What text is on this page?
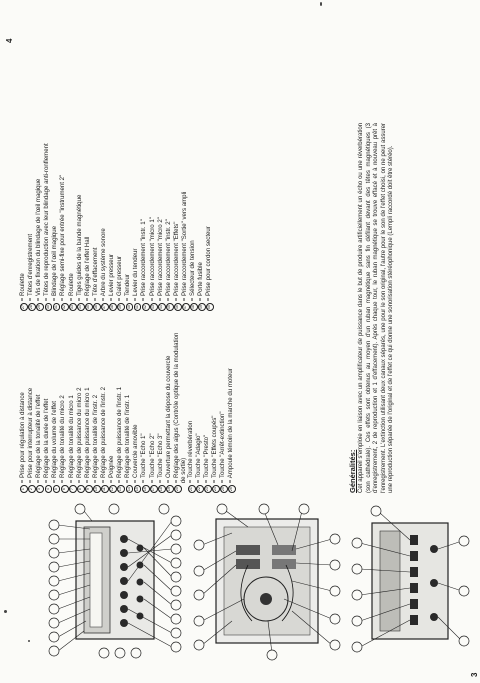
3
4
1
= Prise pour régulation à distance
2
= Prise pour interrupteur à distance
3
= Réglage de la tonalité de l'effet
4
= Réglage de la durée de l'effet
5
= Réglage du volume de l'effet
6
= Réglage de tonalité du micro 2
7
= Réglage de tonalité du micro 1
8
= Réglage de puissance du micro 2
9
= Réglage de puissance du micro 1
10
= Réglage de tonalité de l'instr. 2
11
= Réglage de puissance de l'instr. 2
12
= Poignée
13
= Réglage de puissance de l'instr. 1
14
= Réglage de tonalité de l'instr. 1
15
= Couvercle amovible
16
= Touche "Echo 1"
17
= Touche "Echo 2"
18
= Touche "Echo 3"
19
= Ouverture permettant la dépose du couvercle
20
= Réglage des aigus (Contrôle optique de la modulation de sortie)
21
= Touche réverbération
22
= Touche "Adagio"
23
= Touche "Presto"
24
= Touche "Effets coupés"
25
= Touche "Arrêt-extinction"
26
= Ampoule témoin de la marche du moteur
27
= Roulette
28
= Têtes d'enregistrement
29
= Vis de fixation du blindage de l'œil magique
30
= Têtes de reproduction avec leur blindage anti-ronflement
31
= Blindage de l'œil magique
32
= Réglage semi-fixe pour entrée "instrument 2"
33
= Roulette
34
= Tiges guides de la bande magnétique
35
= Réglage de l'effet Hall
36
= Tête d'effacement
37
= Arbre du système sonore
38
= Levier presseur
39
= Galet presseur
40
= Tendeur
41
= Levier du tendeur
42
= Prise raccordement "instr. 1"
43
= Prise raccordement "micro 1"
44
= Prise raccordement "micro 2"
45
= Prise raccordement "instr. 2"
46
= Prise raccordement "Effets"
47
= Prise raccordement "Sortie" vers ampli
48
= Sélecteur de tension
49
= Porte fusible
50
= Prise pour cordon secteur
Généralités: Cet appareil s'emploie en liaison avec un amplificateur de puissance dans le but de produire artificiellement un écho ou une réverbération (son cathédrale). Ces effets sont obtenus au moyen d'un ruban magnétique sans fin défilant devant des têtes magnétiques (3 d'enregistrement, 2 de reproduction et 1 d'effacement). Après chaque tour, le ruban magnétique se trouve effacé et à nouveau prêt à l'enregistrement. L'extinction utilisant deux canaux séparés, une pour le son original, l'autre pour le son de l'effet choisi, on ne peut assurer une reproduction séparée de l'original et de l'effet ce qui donne une sonorisation stéréophonique (Lempli raccordé doit être stéréo).
